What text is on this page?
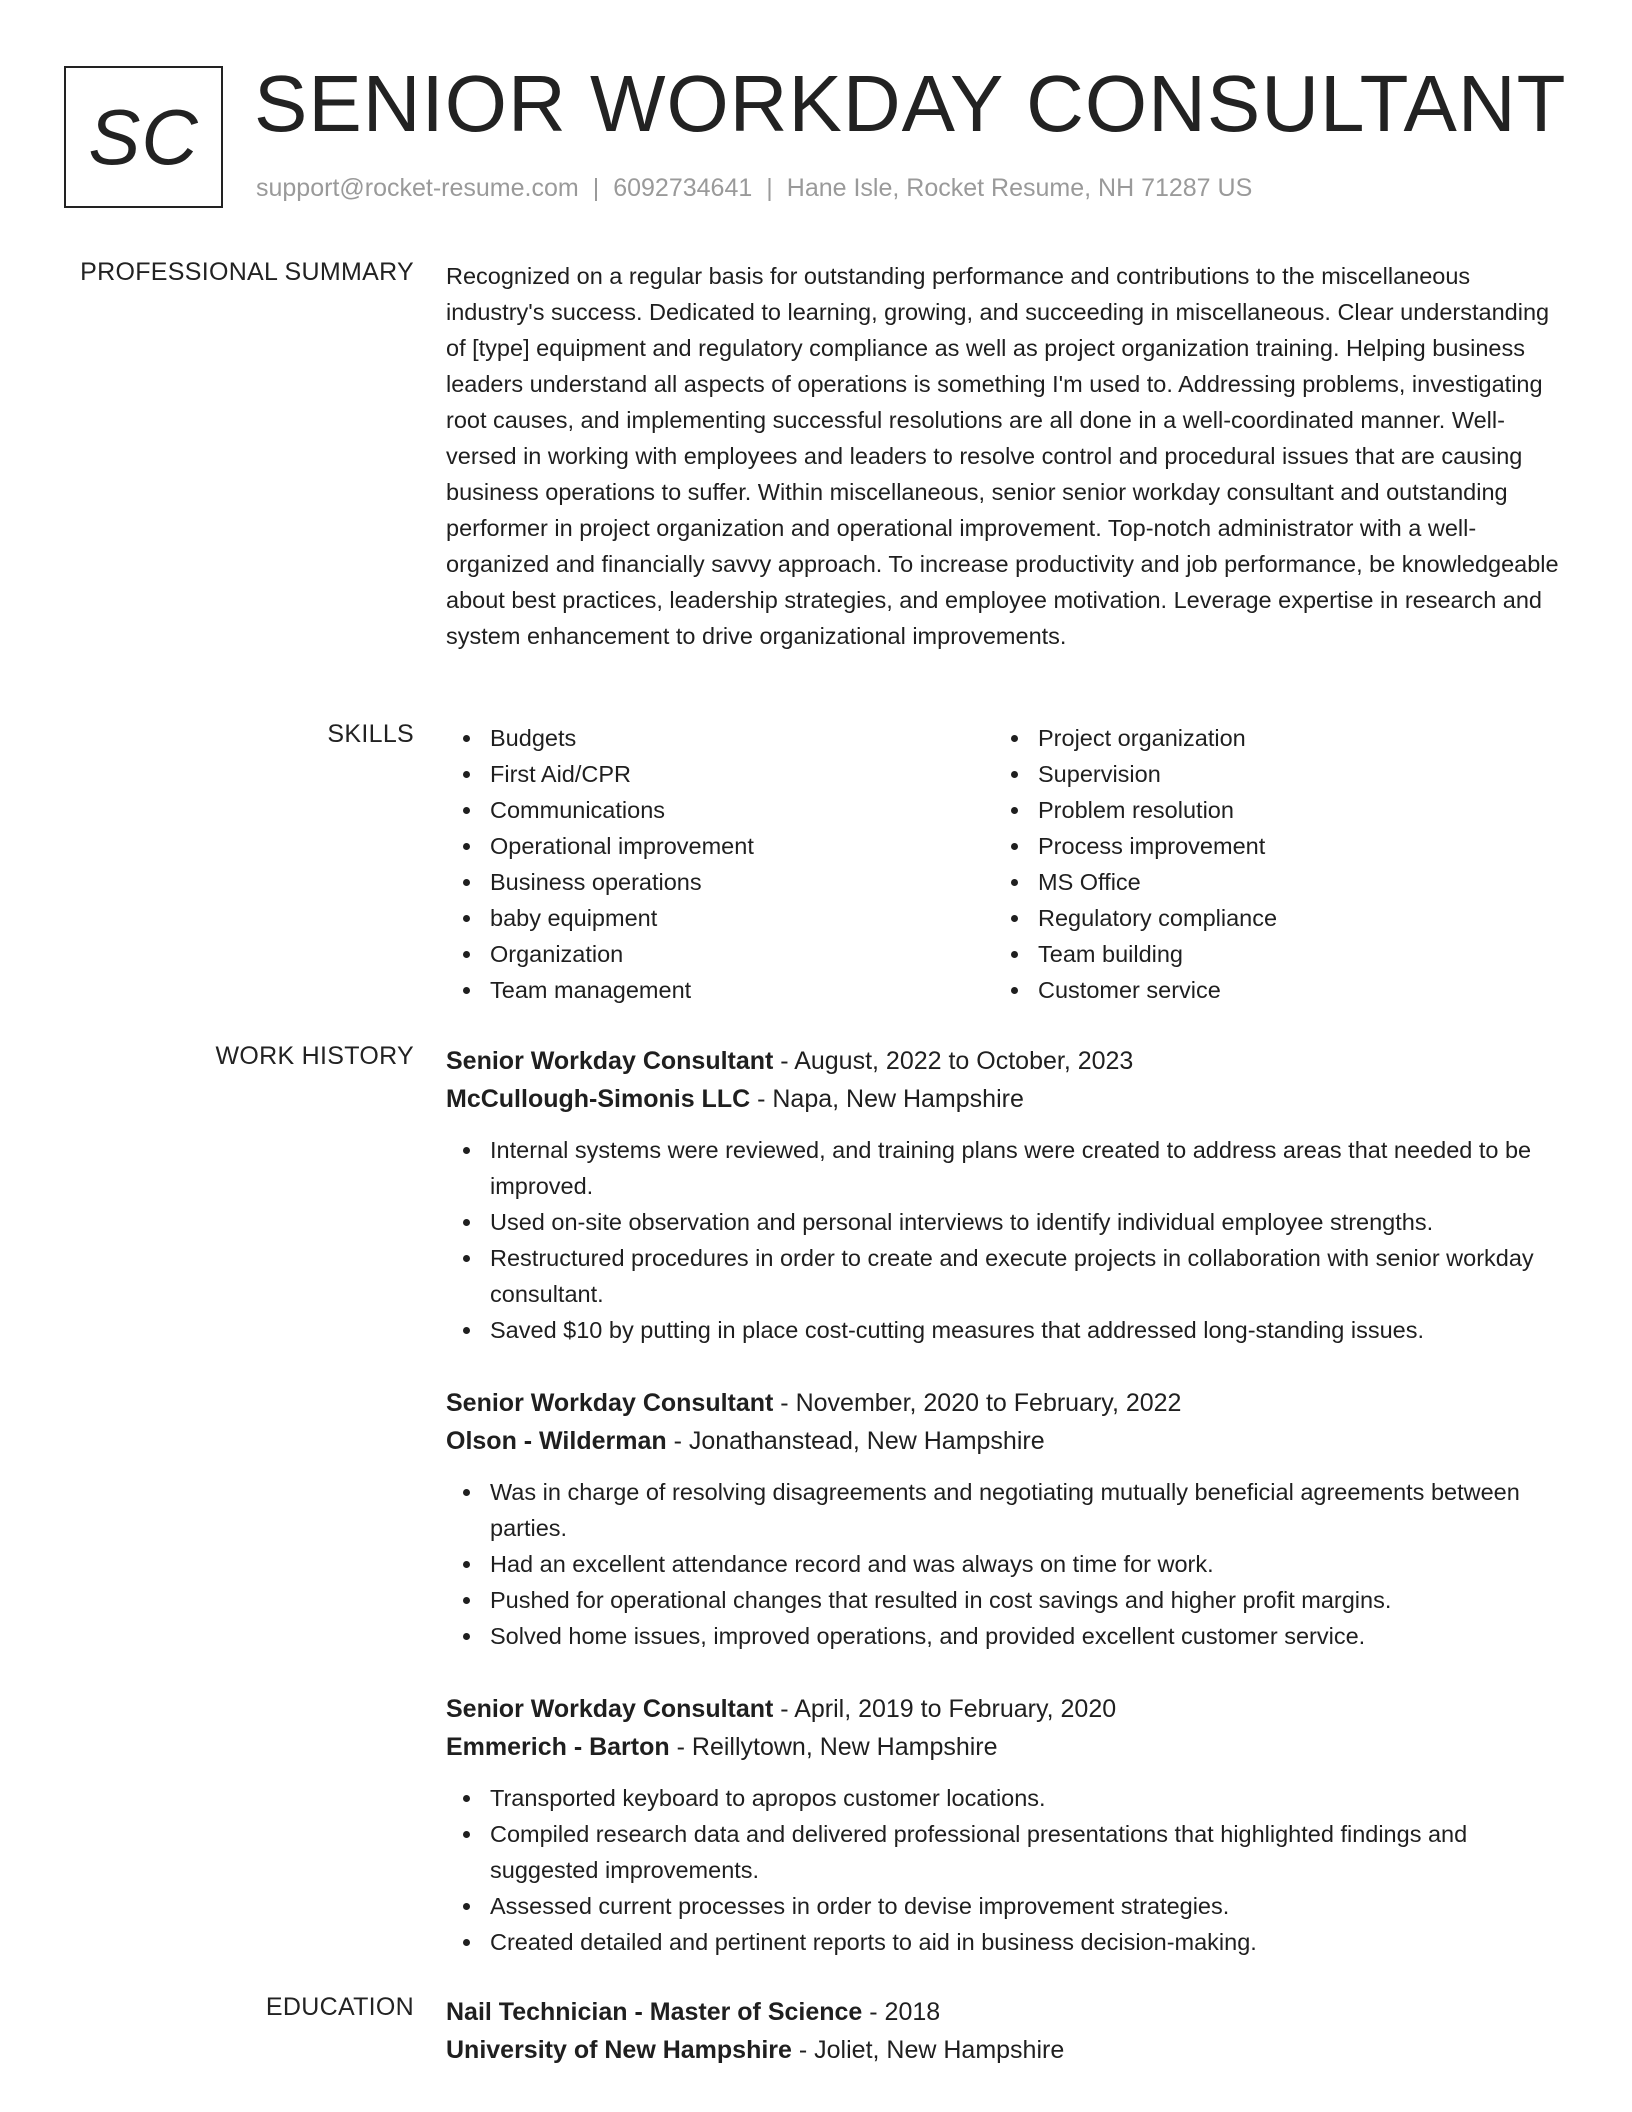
SC SENIOR WORKDAY CONSULTANT
support@rocket-resume.com | 6092734641 | Hane Isle, Rocket Resume, NH 71287 US
PROFESSIONAL SUMMARY Recognized on a regular basis for outstanding performance and contributions to the miscellaneous industry's success. Dedicated to learning, growing, and succeeding in miscellaneous. Clear understanding of [type] equipment and regulatory compliance as well as project organization training. Helping business leaders understand all aspects of operations is something I'm used to. Addressing problems, investigating root causes, and implementing successful resolutions are all done in a well-coordinated manner. Well-versed in working with employees and leaders to resolve control and procedural issues that are causing business operations to suffer. Within miscellaneous, senior senior workday consultant and outstanding performer in project organization and operational improvement. Top-notch administrator with a well-organized and financially savvy approach. To increase productivity and job performance, be knowledgeable about best practices, leadership strategies, and employee motivation. Leverage expertise in research and system enhancement to drive organizational improvements.
SKILLS	Budgets
First Aid/CPR
Communications
Operational improvement
Business operations
baby equipment
Organization
Team management
Project organization
Supervision
Problem resolution
Process improvement
MS Office
Regulatory compliance
Team building
Customer service
WORK HISTORY Senior Workday Consultant - August, 2022 to October, 2023
McCullough-Simonis LLC - Napa, New Hampshire
Internal systems were reviewed, and training plans were created to address areas that needed to be improved.
Used on-site observation and personal interviews to identify individual employee strengths.
Restructured procedures in order to create and execute projects in collaboration with senior workday consultant.
Saved $10 by putting in place cost-cutting measures that addressed long-standing issues.
Senior Workday Consultant - November, 2020 to February, 2022
Olson - Wilderman - Jonathanstead, New Hampshire
Was in charge of resolving disagreements and negotiating mutually beneficial agreements between parties.
Had an excellent attendance record and was always on time for work.
Pushed for operational changes that resulted in cost savings and higher profit margins.
Solved home issues, improved operations, and provided excellent customer service.
Senior Workday Consultant - April, 2019 to February, 2020
Emmerich - Barton - Reillytown, New Hampshire
Transported keyboard to apropos customer locations.
Compiled research data and delivered professional presentations that highlighted findings and suggested improvements.
Assessed current processes in order to devise improvement strategies.
Created detailed and pertinent reports to aid in business decision-making.
EDUCATION Nail Technician - Master of Science - 2018
University of New Hampshire - Joliet, New Hampshire
